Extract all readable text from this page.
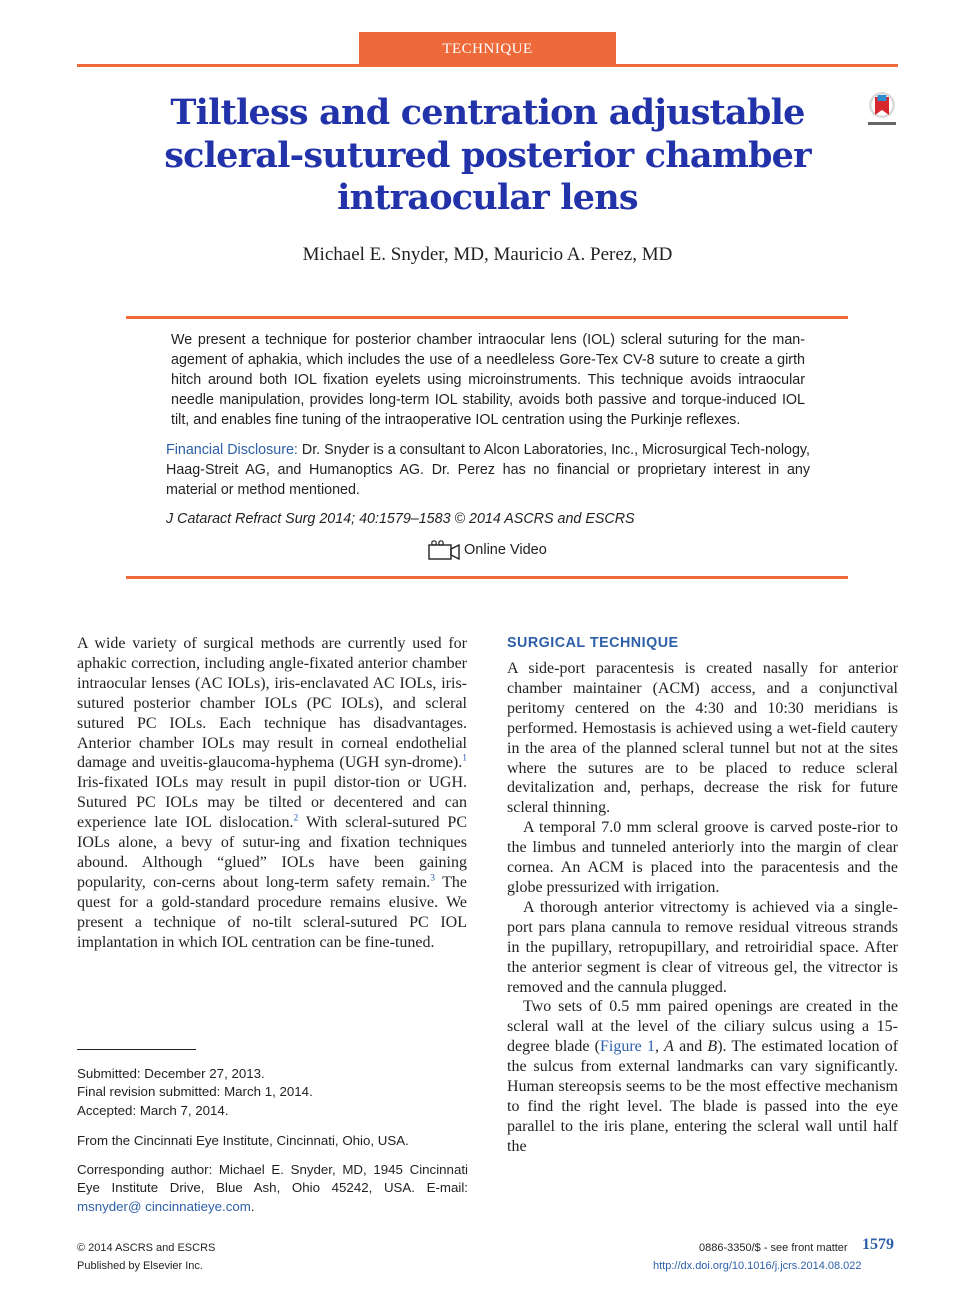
TECHNIQUE
Tiltless and centration adjustable scleral-sutured posterior chamber intraocular lens
Michael E. Snyder, MD, Mauricio A. Perez, MD
We present a technique for posterior chamber intraocular lens (IOL) scleral suturing for the man-agement of aphakia, which includes the use of a needleless Gore-Tex CV-8 suture to create a girth hitch around both IOL fixation eyelets using microinstruments. This technique avoids intraocular needle manipulation, provides long-term IOL stability, avoids both passive and torque-induced IOL tilt, and enables fine tuning of the intraoperative IOL centration using the Purkinje reflexes.
Financial Disclosure: Dr. Snyder is a consultant to Alcon Laboratories, Inc., Microsurgical Tech-nology, Haag-Streit AG, and Humanoptics AG. Dr. Perez has no financial or proprietary interest in any material or method mentioned.
J Cataract Refract Surg 2014; 40:1579–1583 © 2014 ASCRS and ESCRS
Online Video

A wide variety of surgical methods are currently used for aphakic correction, including angle-fixated anterior chamber intraocular lenses (AC IOLs), iris-enclavated AC IOLs, iris-sutured posterior chamber IOLs (PC IOLs), and scleral sutured PC IOLs. Each technique has disadvantages. Anterior chamber IOLs may result in corneal endothelial damage and uveitis-glaucoma-hyphema (UGH syn-drome).$^1$ Iris-fixated IOLs may result in pupil distor-tion or UGH. Sutured PC IOLs may be tilted or decentered and can experience late IOL dislocation.$^2$ With scleral-sutured PC IOLs alone, a bevy of sutur-ing and fixation techniques abound. Although “glued” IOLs have been gaining popularity, con-cerns about long-term safety remain.$^3$ The quest for a gold-standard procedure remains elusive. We present a technique of no-tilt scleral-sutured PC IOL implantation in which IOL centration can be fine-tuned.

Submitted: December 27, 2013.
Final revision submitted: March 1, 2014.
Accepted: March 7, 2014.
From the Cincinnati Eye Institute, Cincinnati, Ohio, USA.
Corresponding author: Michael E. Snyder, MD, 1945 Cincinnati Eye Institute Drive, Blue Ash, Ohio 45242, USA. E-mail: msnyder@ cincinnatieye.com.
SURGICAL TECHNIQUE

A side-port paracentesis is created nasally for anterior chamber maintainer (ACM) access, and a conjunctival peritomy centered on the 4:30 and 10:30 meridians is performed. Hemostasis is achieved using a wet-field cautery in the area of the planned scleral tunnel but not at the sites where the sutures are to be placed to reduce scleral devitalization and, perhaps, decrease the risk for future scleral thinning.

A temporal 7.0 mm scleral groove is carved poste-rior to the limbus and tunneled anteriorly into the margin of clear cornea. An ACM is placed into the paracentesis and the globe pressurized with irrigation.

A thorough anterior vitrectomy is achieved via a single-port pars plana cannula to remove residual vitreous strands in the pupillary, retropupillary, and retroiridial space. After the anterior segment is clear of vitreous gel, the vitrector is removed and the cannula plugged.

Two sets of 0.5 mm paired openings are created in the scleral wall at the level of the ciliary sulcus using a 15-degree blade (Figure 1, A and B). The estimated location of the sulcus from external landmarks can vary significantly. Human stereopsis seems to be the most effective mechanism to find the right level. The blade is passed into the eye parallel to the iris plane, entering the scleral wall until half the

© 2014 ASCRS and ESCRS
Published by Elsevier Inc.
0886-3350/$ - see front matter 1579
http://dx.doi.org/10.1016/j.jcrs.2014.08.022
